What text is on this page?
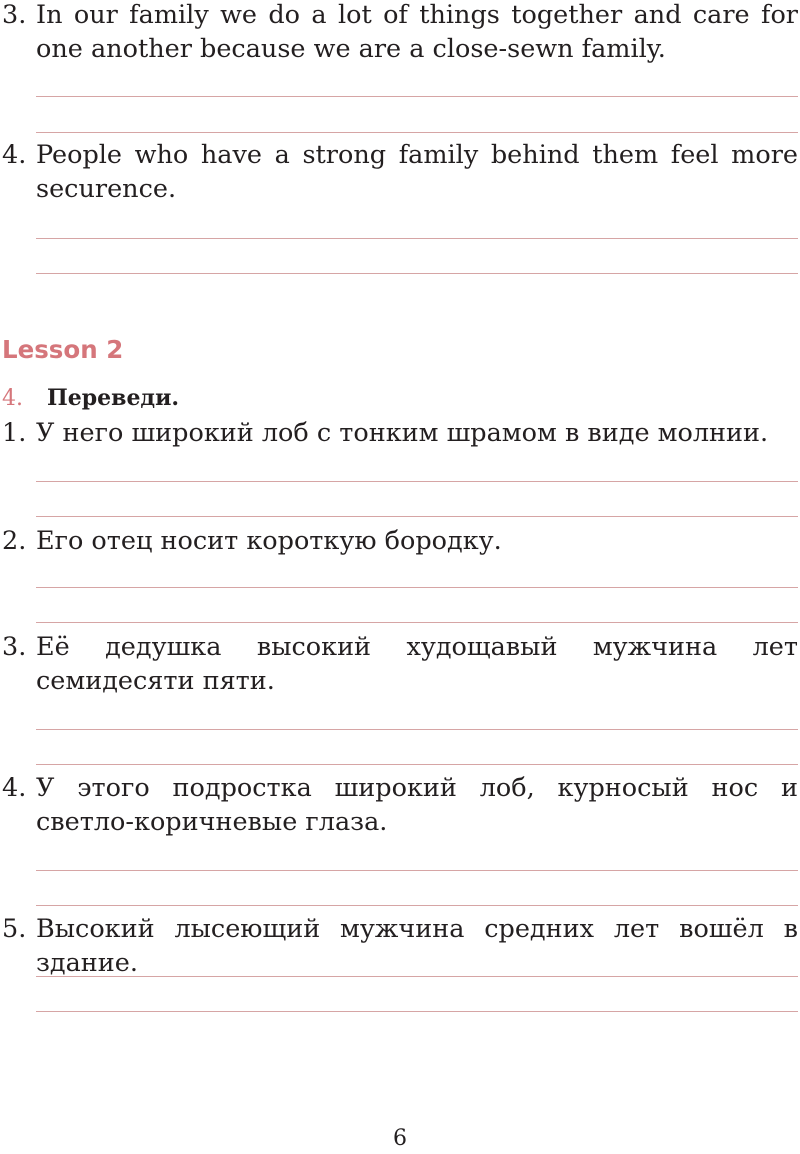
3. In our family we do a lot of things together and care for one another because we are a close-sewn family.
4. People who have a strong family behind them feel more securence.
Lesson 2
4. Переведи.
1. У него широкий лоб с тонким шрамом в виде молнии.
2. Его отец носит короткую бородку.
3. Её дедушка высокий худощавый мужчина лет семидесяти пяти.
4. У этого подростка широкий лоб, курносый нос и светло-коричневые глаза.
5. Высокий лысеющий мужчина средних лет вошёл в здание.
6
